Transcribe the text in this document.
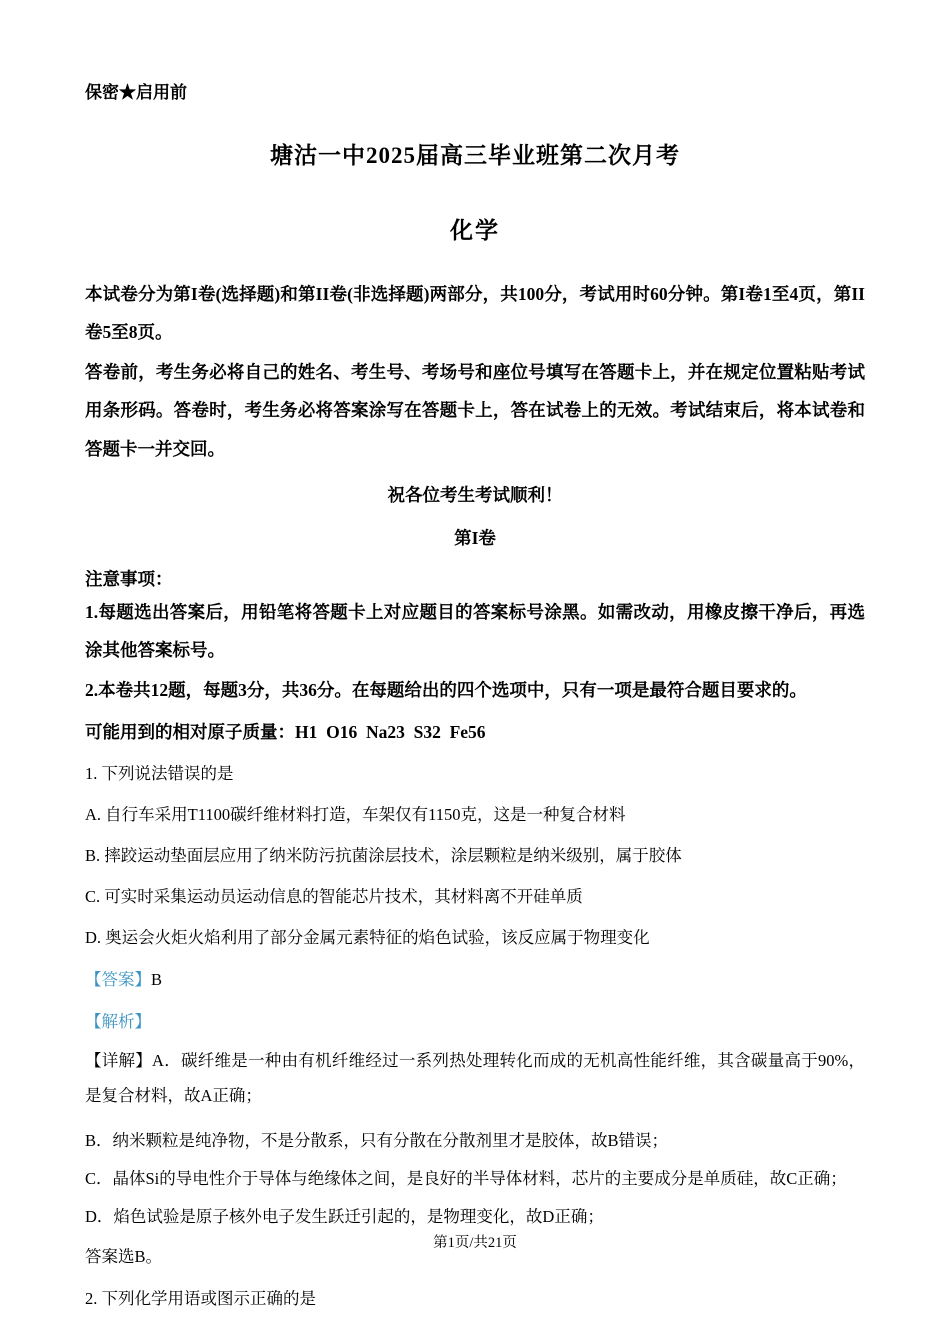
保密★启用前
塘沽一中2025届高三毕业班第二次月考
化学
本试卷分为第I卷(选择题)和第II卷(非选择题)两部分，共100分，考试用时60分钟。第I卷1至4页，第II卷5至8页。
答卷前，考生务必将自己的姓名、考生号、考场号和座位号填写在答题卡上，并在规定位置粘贴考试用条形码。答卷时，考生务必将答案涂写在答题卡上，答在试卷上的无效。考试结束后，将本试卷和答题卡一并交回。
祝各位考生考试顺利！
第I卷
注意事项：
1.每题选出答案后，用铅笔将答题卡上对应题目的答案标号涂黑。如需改动，用橡皮擦干净后，再选涂其他答案标号。
2.本卷共12题，每题3分，共36分。在每题给出的四个选项中，只有一项是最符合题目要求的。
可能用到的相对原子质量：H1  O16  Na23  S32  Fe56
1. 下列说法错误的是
A. 自行车采用T1100碳纤维材料打造，车架仅有1150克，这是一种复合材料
B. 摔跤运动垫面层应用了纳米防污抗菌涂层技术，涂层颗粒是纳米级别，属于胶体
C. 可实时采集运动员运动信息的智能芯片技术，其材料离不开硅单质
D. 奥运会火炬火焰利用了部分金属元素特征的焰色试验，该反应属于物理变化
【答案】B
【解析】
【详解】A．碳纤维是一种由有机纤维经过一系列热处理转化而成的无机高性能纤维，其含碳量高于90%，是复合材料，故A正确；
B．纳米颗粒是纯净物，不是分散系，只有分散在分散剂里才是胶体，故B错误；
C．晶体Si的导电性介于导体与绝缘体之间，是良好的半导体材料，芯片的主要成分是单质硅，故C正确；
D．焰色试验是原子核外电子发生跃迁引起的，是物理变化，故D正确；
答案选B。
2. 下列化学用语或图示正确的是
第1页/共21页
